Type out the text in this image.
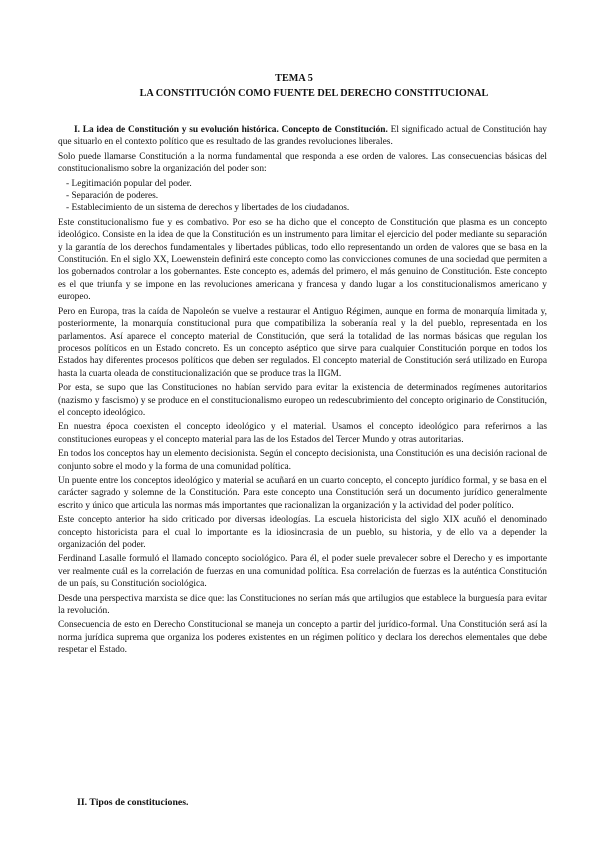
TEMA 5
LA CONSTITUCIÓN COMO FUENTE DEL DERECHO CONSTITUCIONAL

I. La idea de Constitución y su evolución histórica. Concepto de Constitución. El significado actual de Constitución hay que situarlo en el contexto político que es resultado de las grandes revoluciones liberales.

Solo puede llamarse Constitución a la norma fundamental que responda a ese orden de valores. Las consecuencias básicas del constitucionalismo sobre la organización del poder son:

- Legitimación popular del poder.
- Separación de poderes.
- Establecimiento de un sistema de derechos y libertades de los ciudadanos.

Este constitucionalismo fue y es combativo. Por eso se ha dicho que el concepto de Constitución que plasma es un concepto ideológico. Consiste en la idea de que la Constitución es un instrumento para limitar el ejercicio del poder mediante su separación y la garantía de los derechos fundamentales y libertades públicas, todo ello representando un orden de valores que se basa en la Constitución. En el siglo XX, Loewenstein definirá este concepto como las convicciones comunes de una sociedad que permiten a los gobernados controlar a los gobernantes. Este concepto es, además del primero, el más genuino de Constitución. Este concepto es el que triunfa y se impone en las revoluciones americana y francesa y dando lugar a los constitucionalismos americano y europeo.

Pero en Europa, tras la caída de Napoleón se vuelve a restaurar el Antiguo Régimen, aunque en forma de monarquía limitada y, posteriormente, la monarquía constitucional pura que compatibiliza la soberanía real y la del pueblo, representada en los parlamentos. Así aparece el concepto material de Constitución, que será la totalidad de las normas básicas que regulan los procesos políticos en un Estado concreto. Es un concepto aséptico que sirve para cualquier Constitución porque en todos los Estados hay diferentes procesos políticos que deben ser regulados. El concepto material de Constitución será utilizado en Europa hasta la cuarta oleada de constitucionalización que se produce tras la IIGM.

Por esta, se supo que las Constituciones no habían servido para evitar la existencia de determinados regímenes autoritarios (nazismo y fascismo) y se produce en el constitucionalismo europeo un redescubrimiento del concepto originario de Constitución, el concepto ideológico.

En nuestra época coexisten el concepto ideológico y el material. Usamos el concepto ideológico para referirnos a las constituciones europeas y el concepto material para las de los Estados del Tercer Mundo y otras autoritarias.

En todos los conceptos hay un elemento decisionista. Según el concepto decisionista, una Constitución es una decisión racional de conjunto sobre el modo y la forma de una comunidad política.

Un puente entre los conceptos ideológico y material se acuñará en un cuarto concepto, el concepto jurídico formal, y se basa en el carácter sagrado y solemne de la Constitución. Para este concepto una Constitución será un documento jurídico generalmente escrito y único que articula las normas más importantes que racionalizan la organización y la actividad del poder político.

Este concepto anterior ha sido criticado por diversas ideologías. La escuela historicista del siglo XIX acuñó el denominado concepto historicista para el cual lo importante es la idiosincrasia de un pueblo, su historia, y de ello va a depender la organización del poder.

Ferdinand Lasalle formuló el llamado concepto sociológico. Para él, el poder suele prevalecer sobre el Derecho y es importante ver realmente cuál es la correlación de fuerzas en una comunidad política. Esa correlación de fuerzas es la auténtica Constitución de un país, su Constitución sociológica.

Desde una perspectiva marxista se dice que: las Constituciones no serían más que artilugios que establece la burguesía para evitar la revolución.

Consecuencia de esto en Derecho Constitucional se maneja un concepto a partir del jurídico-formal. Una Constitución será así la norma jurídica suprema que organiza los poderes existentes en un régimen político y declara los derechos elementales que debe respetar el Estado.

II. Tipos de constituciones.
